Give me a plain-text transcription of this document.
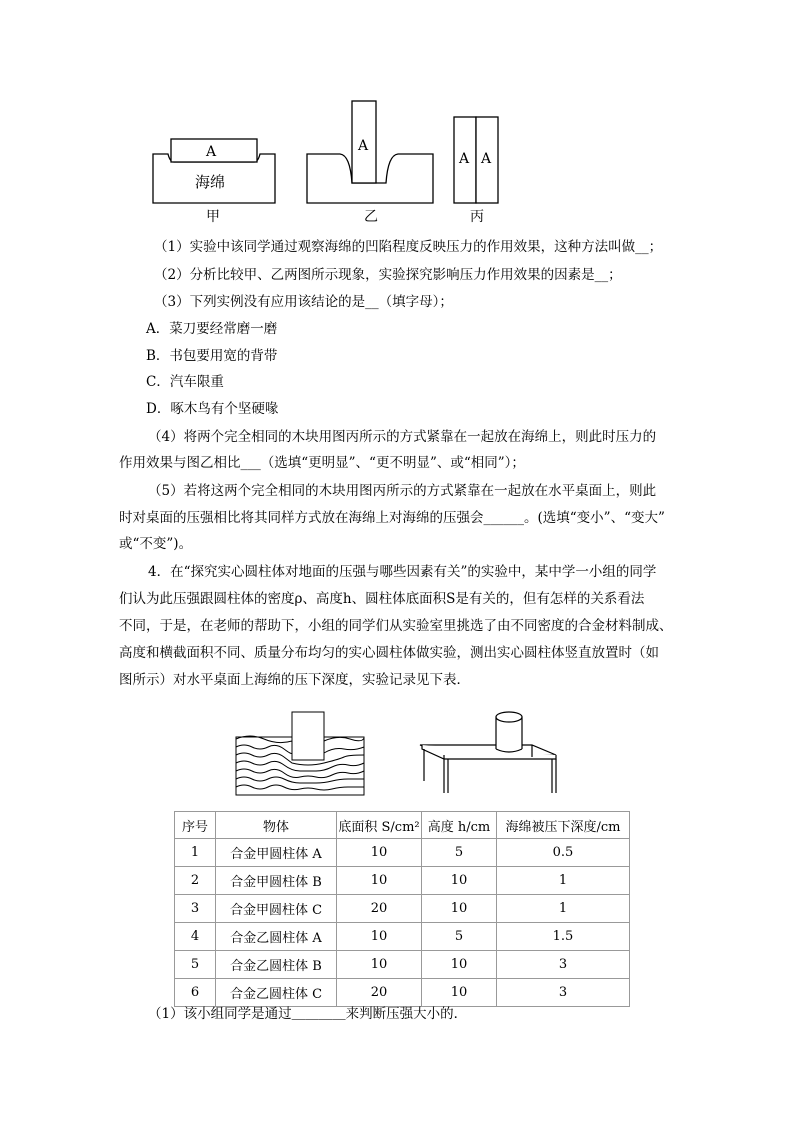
A
海绵
A
A A
甲	乙	丙
（1）实验中该同学通过观察海绵的凹陷程度反映压力的作用效果，这种方法叫做__；
（2）分析比较甲、乙两图所示现象，实验探究影响压力作用效果的因素是__；
（3）下列实例没有应用该结论的是__（填字母）；
A．菜刀要经常磨一磨
B．书包要用宽的背带
C．汽车限重
D．啄木鸟有个坚硬喙
（4）将两个完全相同的木块用图丙所示的方式紧靠在一起放在海绵上，则此时压力的
作用效果与图乙相比___（选填“更明显”、“更不明显”、或“相同”）；
（5）若将这两个完全相同的木块用图丙所示的方式紧靠在一起放在水平桌面上，则此
时对桌面的压强相比将其同样方式放在海绵上对海绵的压强会______。(选填“变小”、“变大”
或“不变”)。
4．在“探究实心圆柱体对地面的压强与哪些因素有关”的实验中，某中学一小组的同学
们认为此压强跟圆柱体的密度ρ、高度h、圆柱体底面积S是有关的，但有怎样的关系看法
不同，于是，在老师的帮助下，小组的同学们从实验室里挑选了由不同密度的合金材料制成、
高度和横截面积不同、质量分布均匀的实心圆柱体做实验，测出实心圆柱体竖直放置时（如
图所示）对水平桌面上海绵的压下深度，实验记录见下表．
序号	物体	底面积 S/cm²	高度 h/cm	海绵被压下深度/cm
1	合金甲圆柱体 A	10	5	0.5
2	合金甲圆柱体 B	10	10	1
3	合金甲圆柱体 C	20	10	1
4	合金乙圆柱体 A	10	5	1.5
5	合金乙圆柱体 B	10	10	3
6	合金乙圆柱体 C	20	10	3
（1）该小组同学是通过＿＿＿＿来判断压强大小的．
